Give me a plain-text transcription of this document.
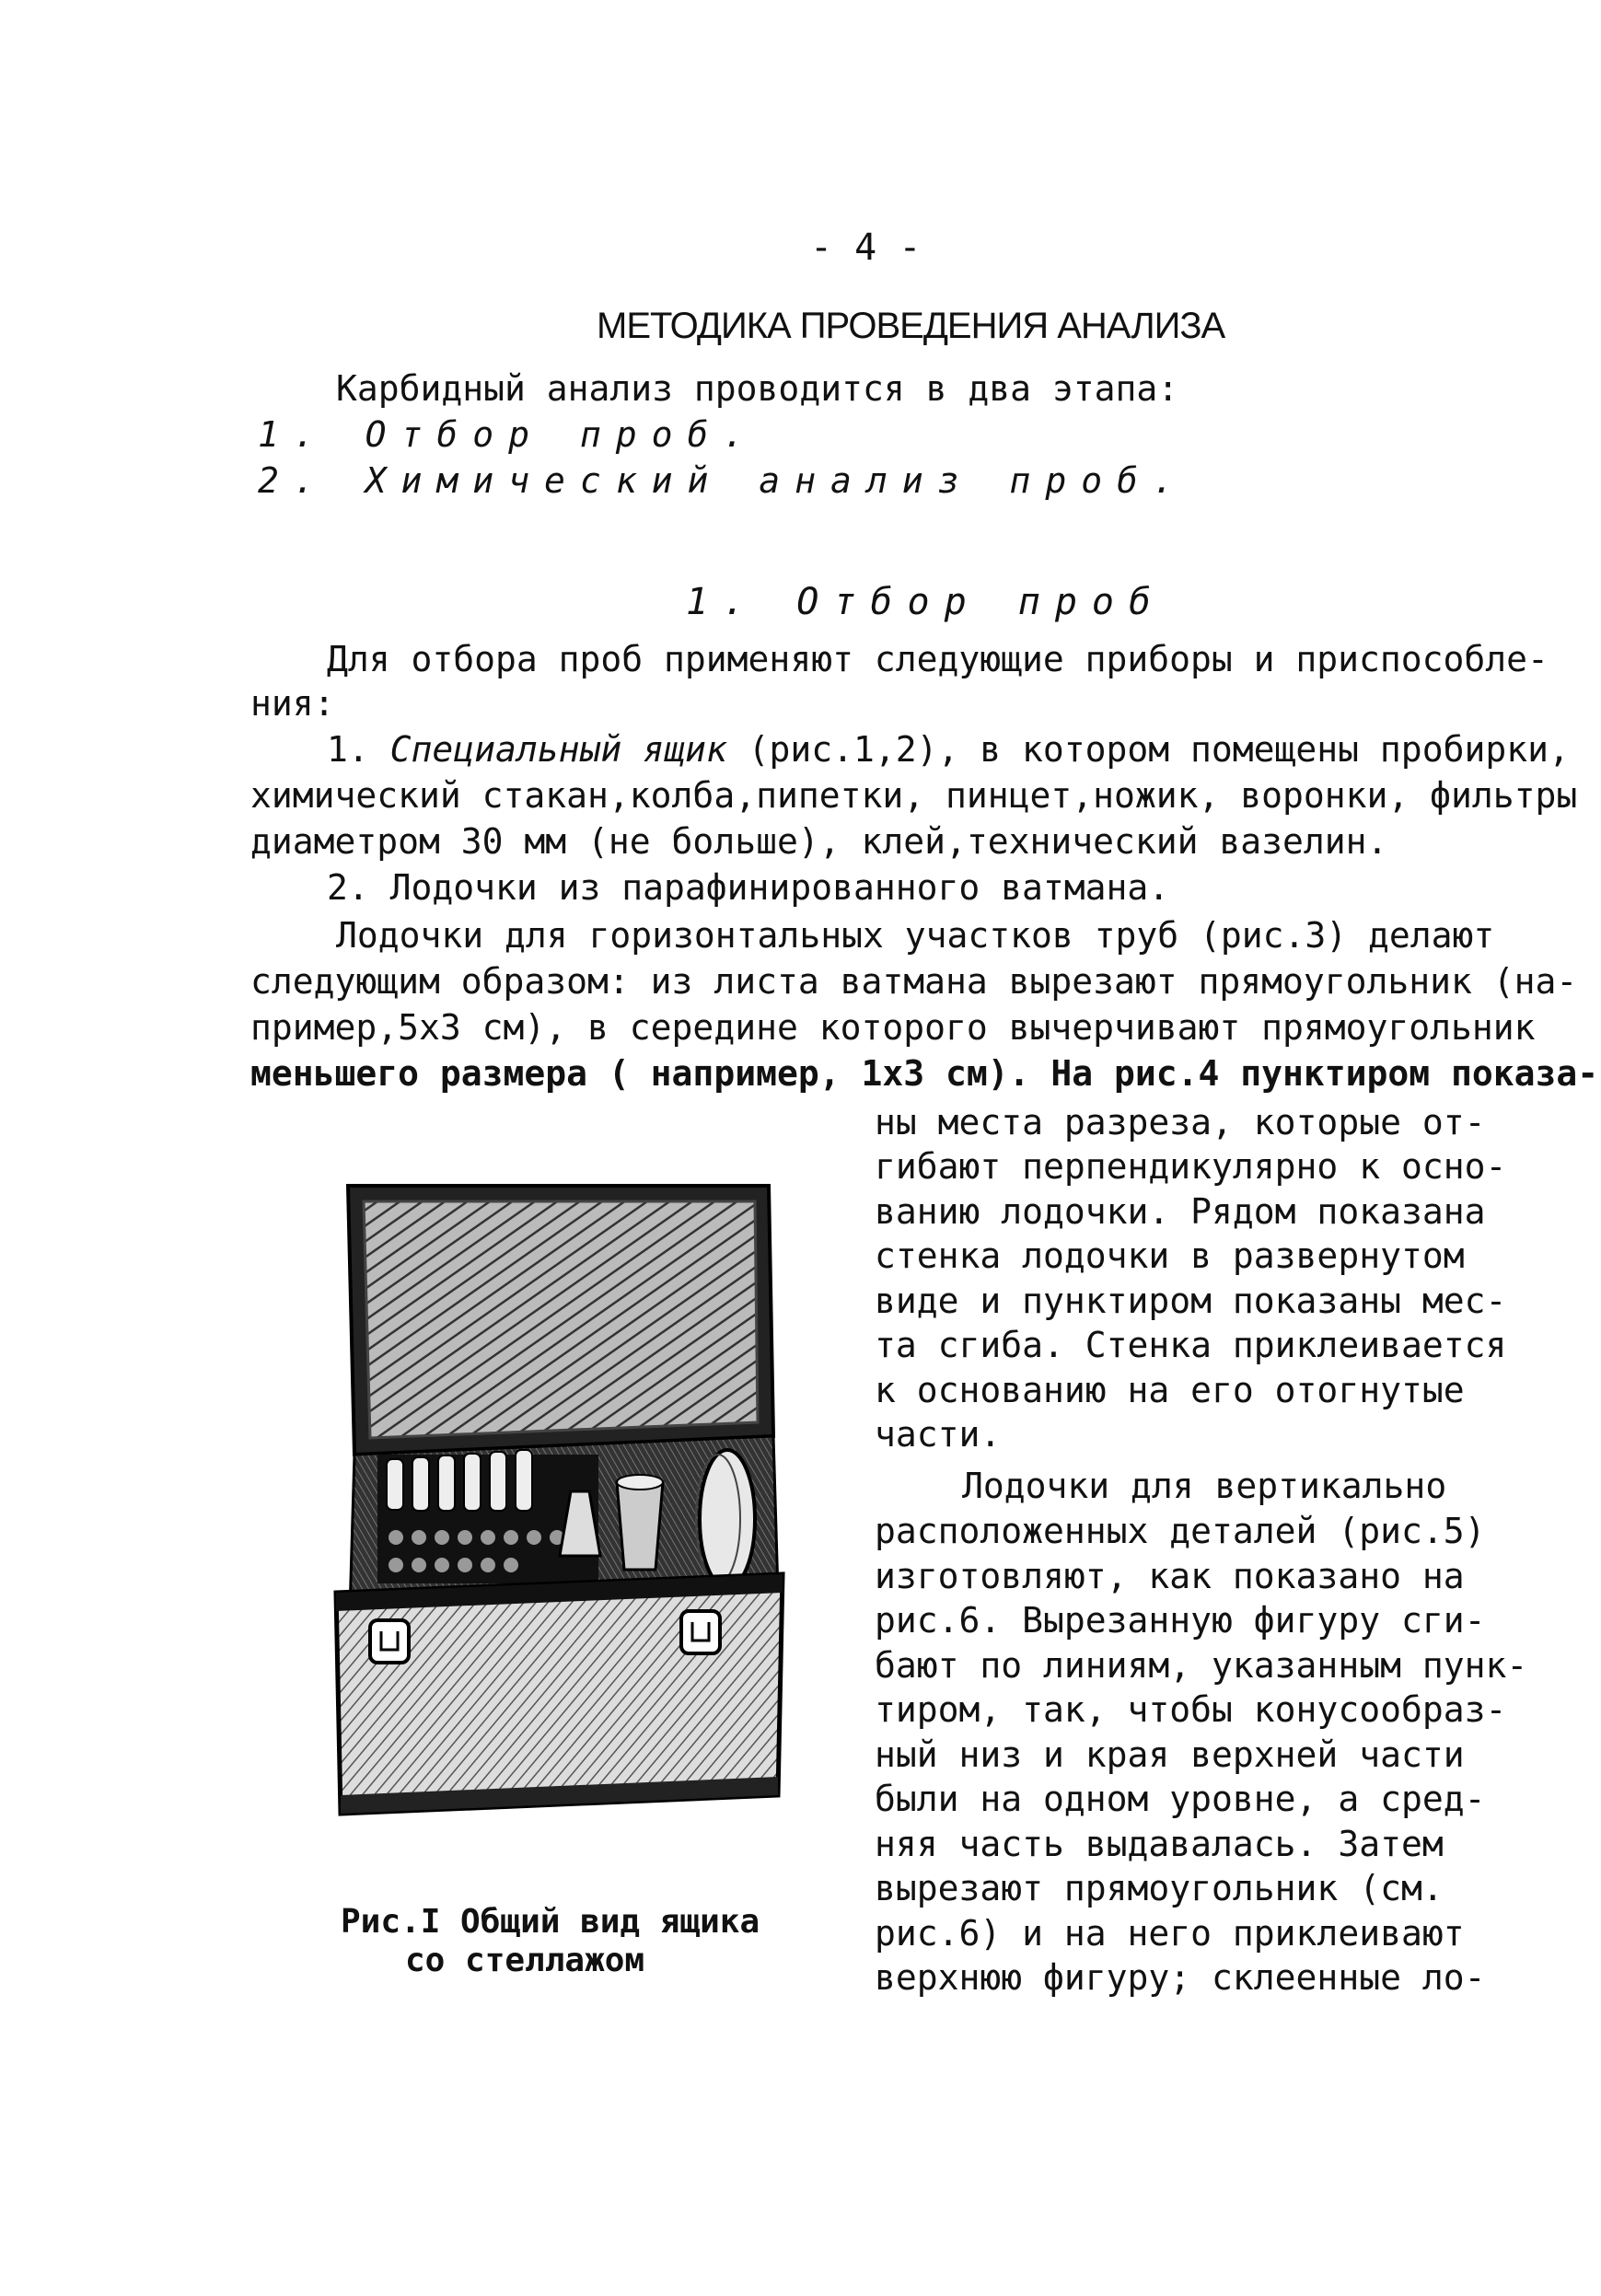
- 4 -
МЕТОДИКА ПРОВЕДЕНИЯ АНАЛИЗА
Карбидный анализ проводится в два этапа:
1. Отбор проб.
2. Химический анализ проб.
1. Отбор проб
Для отбора проб применяют следующие приборы и приспособле-
ния:
1. Специальный ящик (рис.1,2), в котором помещены пробирки,
химический стакан,колба,пипетки, пинцет,ножик, воронки, фильтры
диаметром 30 мм (не больше), клей,технический вазелин.
2. Лодочки из парафинированного ватмана.
Лодочки для горизонтальных участков труб (рис.3) делают
следующим образом: из листа ватмана вырезают прямоугольник (на-
пример,5х3 см), в середине которого вычерчивают прямоугольник
меньшего размера ( например, 1х3 см). На рис.4 пунктиром показа-
ны места разреза, которые от-
гибают перпендикулярно к осно-
ванию лодочки. Рядом показана
стенка лодочки в развернутом
виде и пунктиром показаны мес-
та сгиба. Стенка приклеивается
к основанию на его отогнутые
части.
Лодочки для вертикально
расположенных деталей (рис.5)
изготовляют, как показано на
рис.6. Вырезанную фигуру сги-
бают по линиям, указанным пунк-
тиром, так, чтобы конусообраз-
ный низ и края верхней части
были на одном уровне, а сред-
няя часть выдавалась. Затем
вырезают прямоугольник (см.
рис.6) и на него приклеивают
верхнюю фигуру; склеенные ло-
Рис.I Общий вид ящика
со стеллажом
